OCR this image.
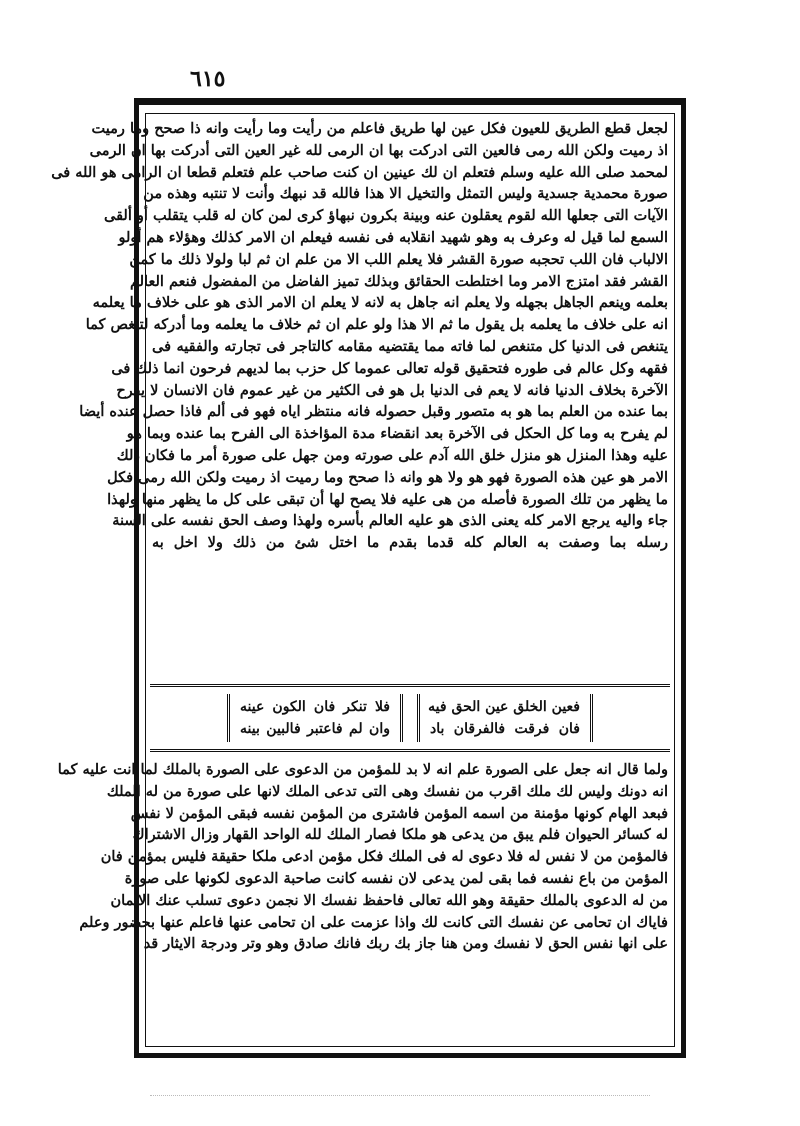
٦١٥
لجعل قطع الطريق للعيون فكل عين لها طريق فاعلم من رأيت وما رأيت وانه ذا صحح وما رميت
اذ رميت ولكن الله رمى فالعين التى ادركت بها ان الرمى لله غير العين التى أدركت بها ان الرمى
لمحمد صلى الله عليه وسلم فتعلم ان لك عينين ان كنت صاحب علم فتعلم قطعا ان الرامى هو الله فى
صورة محمدية جسدية وليس التمثل والتخيل الا هذا فالله قد نبهك وأنت لا تنتبه وهذه من
الآيات التى جعلها الله لقوم يعقلون عنه وبينة بكرون نبهاؤ كرى لمن كان له قلب يتقلب أو ألقى
السمع لما قيل له وعرف به وهو شهيد انقلابه فى نفسه فيعلم ان الامر كذلك وهؤلاء هم أولو
الالباب فان اللب تحجبه صورة القشر فلا يعلم اللب الا من علم ان ثم لبا ولولا ذلك ما كمن
القشر فقد امتزج الامر وما اختلطت الحقائق وبذلك تميز الفاضل من المفضول فنعم العالم
بعلمه وينعم الجاهل بجهله ولا يعلم انه جاهل به لانه لا يعلم ان الامر الذى هو على خلاف ما يعلمه
انه على خلاف ما يعلمه بل يقول ما ثم الا هذا ولو علم ان ثم خلاف ما يعلمه وما أدركه لتنغص كما
يتنغص فى الدنيا كل متنغص لما فاته مما يقتضيه مقامه كالتاجر فى تجارته والفقيه فى
فقهه وكل عالم فى طوره فتحقيق قوله تعالى عموما كل حزب بما لديهم فرحون انما ذلك فى
الآخرة بخلاف الدنيا فانه لا يعم فى الدنيا بل هو فى الكثير من غير عموم فان الانسان لا يفرح
بما عنده من العلم بما هو به متصور وقبل حصوله فانه منتظر اياه فهو فى ألم فاذا حصل عنده أيضا
لم يفرح به وما كل الحكل فى الآخرة بعد انقضاء مدة المؤاخذة الى الفرح بما عنده وبما هو
عليه وهذا المنزل هو منزل خلق الله آدم على صورته ومن جهل على صورة أمر ما فكان ذلك
الامر هو عين هذه الصورة فهو هو ولا هو وانه ذا صحح وما رميت اذ رميت ولكن الله رمى فكل
ما يظهر من تلك الصورة فأصله من هى عليه فلا يصح لها أن تبقى على كل ما يظهر منها ولهذا
جاء واليه يرجع الامر كله يعنى الذى هو عليه العالم بأسره ولهذا وصف الحق نفسه على السنة
رسله بما وصفت به العالم كله قدما بقدم ما اختل شئ من ذلك ولا اخل به
فعين الخلق عين الحق فيه
فان فرقت فالفرقان باد
فلا تنكر فان الكون عينه
وان لم فاعتبر فالبين بينه
ولما قال انه جعل على الصورة علم انه لا بد للمؤمن من الدعوى على الصورة بالملك لما انت عليه كما
انه دونك وليس لك ملك اقرب من نفسك وهى التى تدعى الملك لانها على صورة من له الملك
فبعد الهام كونها مؤمنة من اسمه المؤمن فاشترى من المؤمن نفسه فبقى المؤمن لا نفس
له كسائر الحيوان فلم يبق من يدعى هو ملكا فصار الملك لله الواحد القهار وزال الاشتراك
فالمؤمن من لا نفس له فلا دعوى له فى الملك فكل مؤمن ادعى ملكا حقيقة فليس بمؤمن فان
المؤمن من باع نفسه فما بقى لمن يدعى لان نفسه كانت صاحبة الدعوى لكونها على صورة
من له الدعوى بالملك حقيقة وهو الله تعالى فاحفظ نفسك الا نجمن دعوى تسلب عنك الايمان
فاياك ان تحامى عن نفسك التى كانت لك واذا عزمت على ان تحامى عنها فاعلم عنها بحضور وعلم
على انها نفس الحق لا نفسك ومن هنا جاز بك ربك فانك صادق وهو وتر ودرجة الايثار قد
